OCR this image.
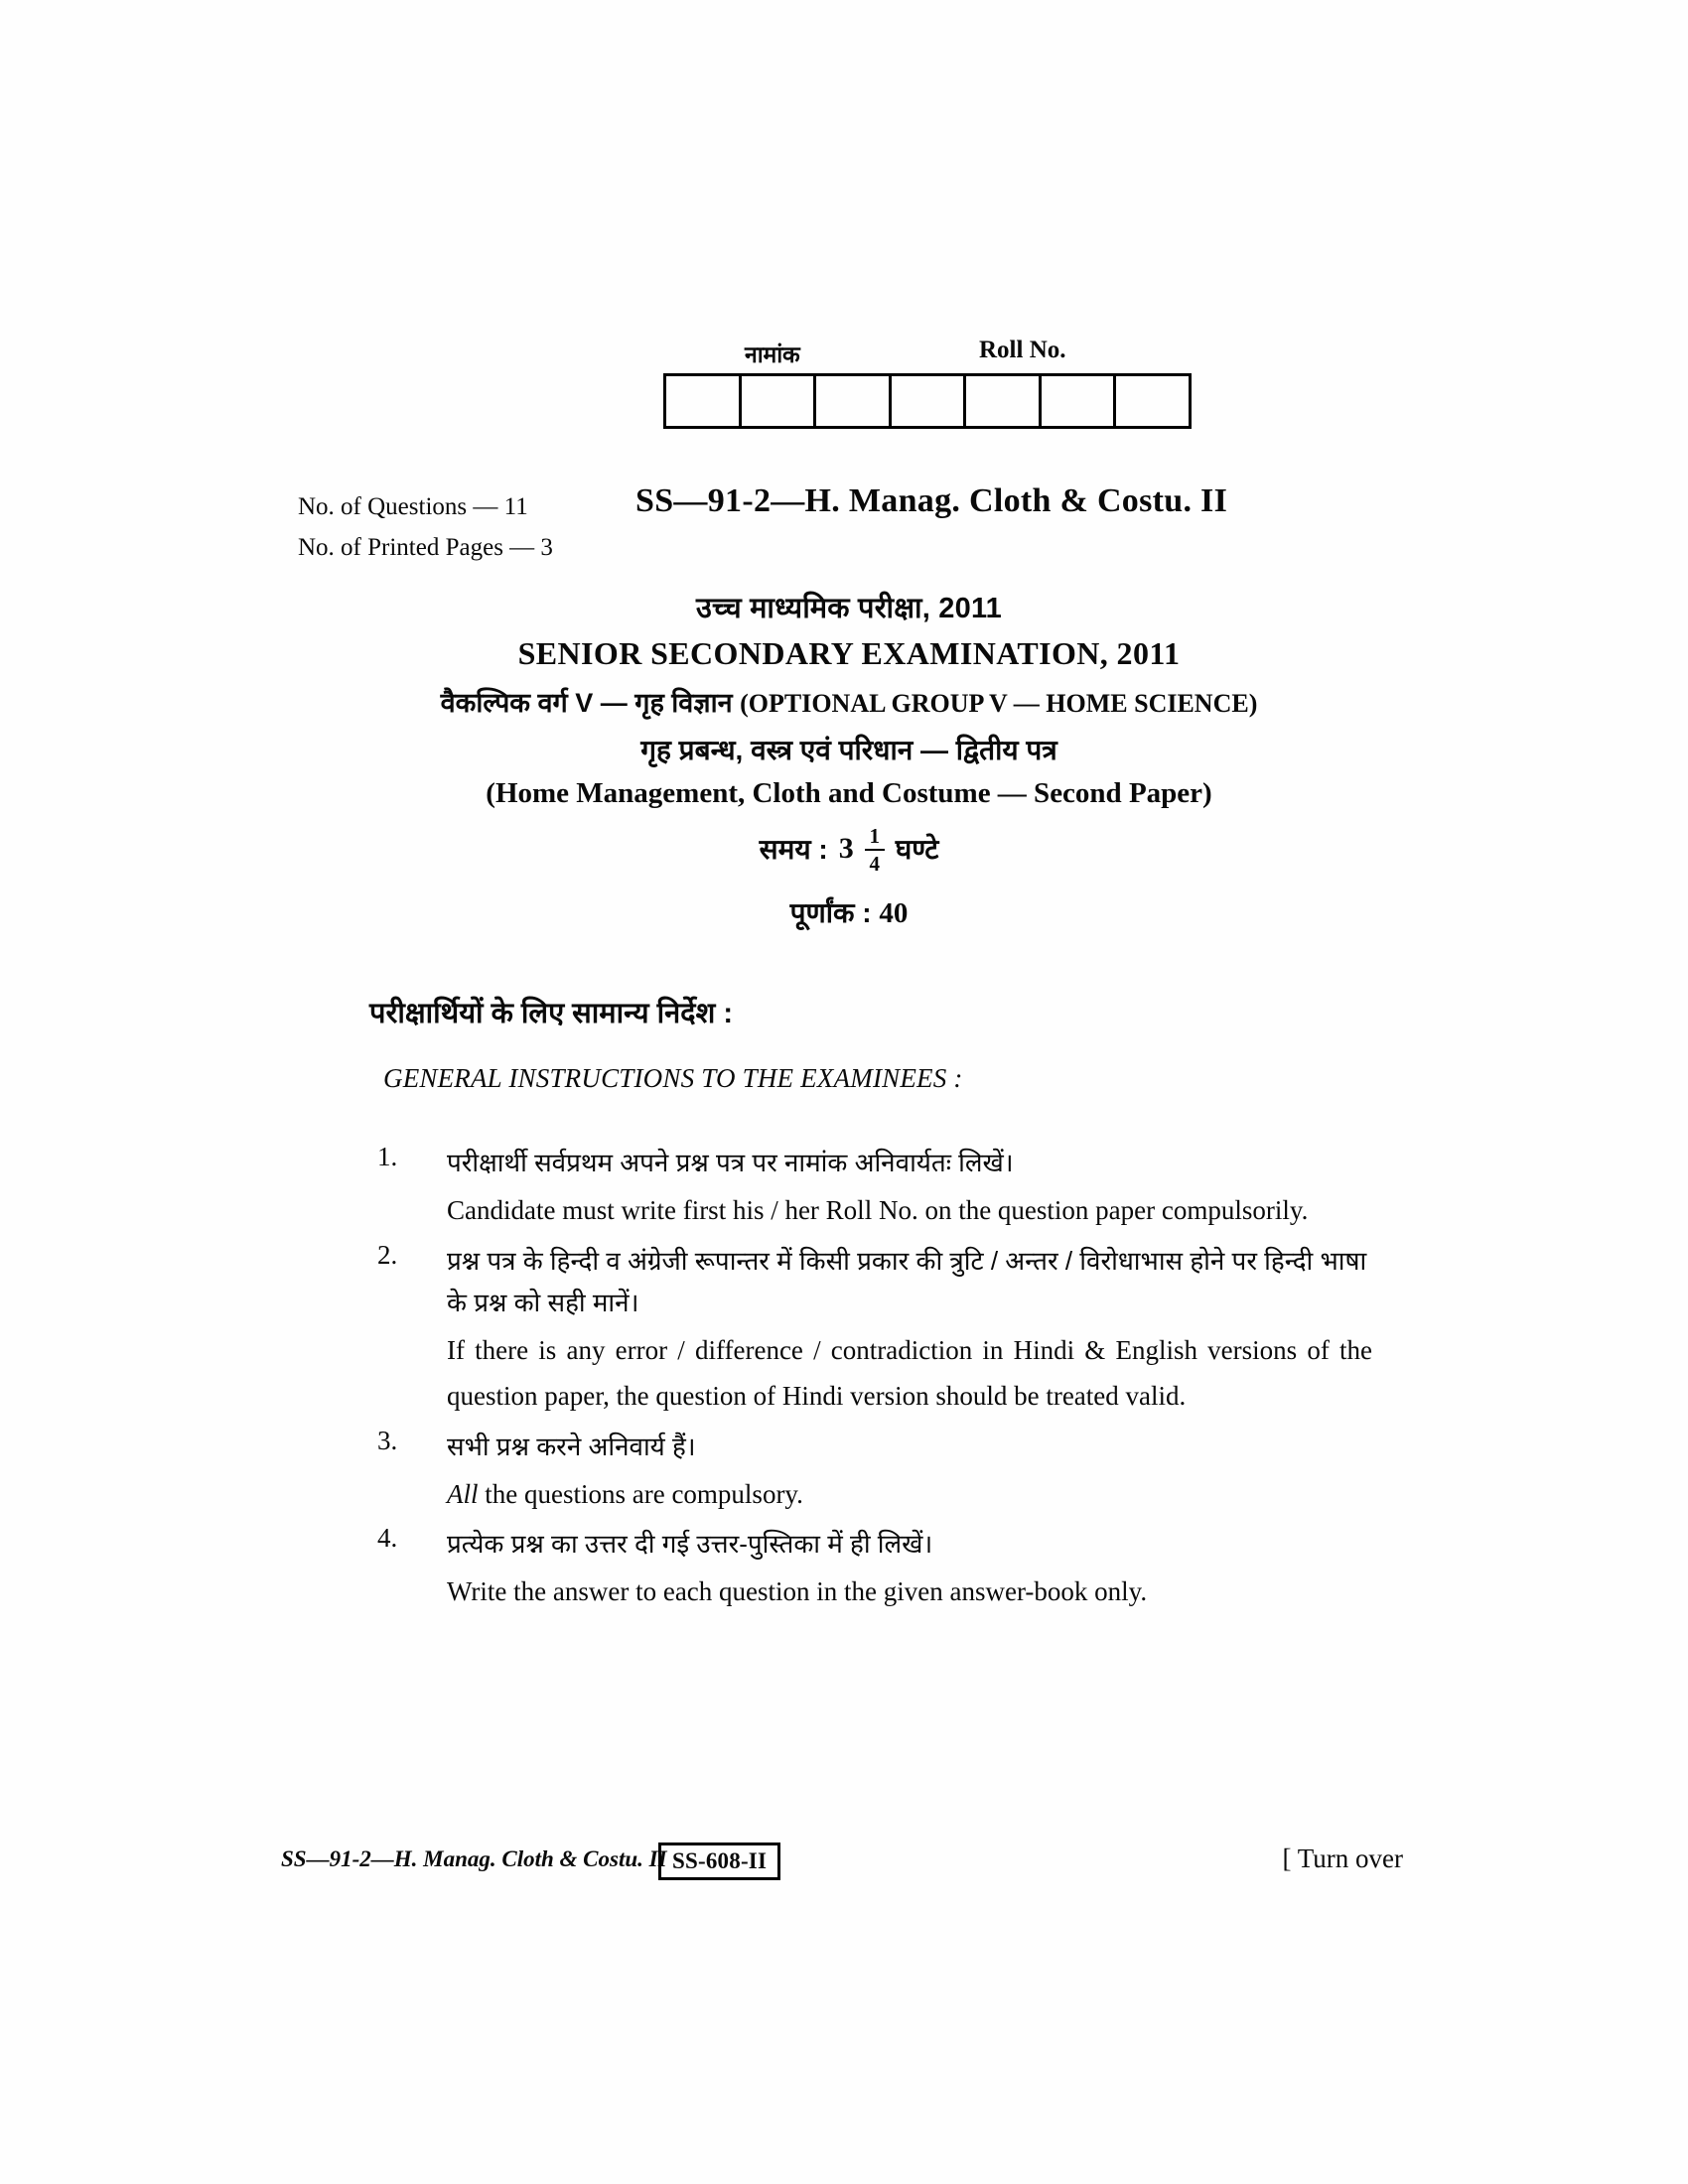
नामांक	Roll No.
No. of Questions — 11
No. of Printed Pages — 3
SS—91-2—H. Manag. Cloth & Costu. II
उच्च माध्यमिक परीक्षा, 2011
SENIOR SECONDARY EXAMINATION, 2011
वैकल्पिक वर्ग V — गृह विज्ञान (OPTIONAL GROUP V — HOME SCIENCE)
गृह प्रबन्ध, वस्त्र एवं परिधान — द्वितीय पत्र
(Home Management, Cloth and Costume — Second Paper)
समय : $3 \frac{1}{4}$ घण्टे
पूर्णांक : 40
परीक्षार्थियों के लिए सामान्य निर्देश :
GENERAL INSTRUCTIONS TO THE EXAMINEES :
1. परीक्षार्थी सर्वप्रथम अपने प्रश्न पत्र पर नामांक अनिवार्यतः लिखें।
Candidate must write first his / her Roll No. on the question paper compulsorily.
2. प्रश्न पत्र के हिन्दी व अंग्रेजी रूपान्तर में किसी प्रकार की त्रुटि / अन्तर / विरोधाभास होने पर हिन्दी भाषा के प्रश्न को सही मानें।
If there is any error / difference / contradiction in Hindi & English versions of the question paper, the question of Hindi version should be treated valid.
3. सभी प्रश्न करने अनिवार्य हैं।
All the questions are compulsory.
4. प्रत्येक प्रश्न का उत्तर दी गई उत्तर-पुस्तिका में ही लिखें।
Write the answer to each question in the given answer-book only.
SS—91-2—H. Manag. Cloth & Costu. II SS-608-II	[ Turn over
